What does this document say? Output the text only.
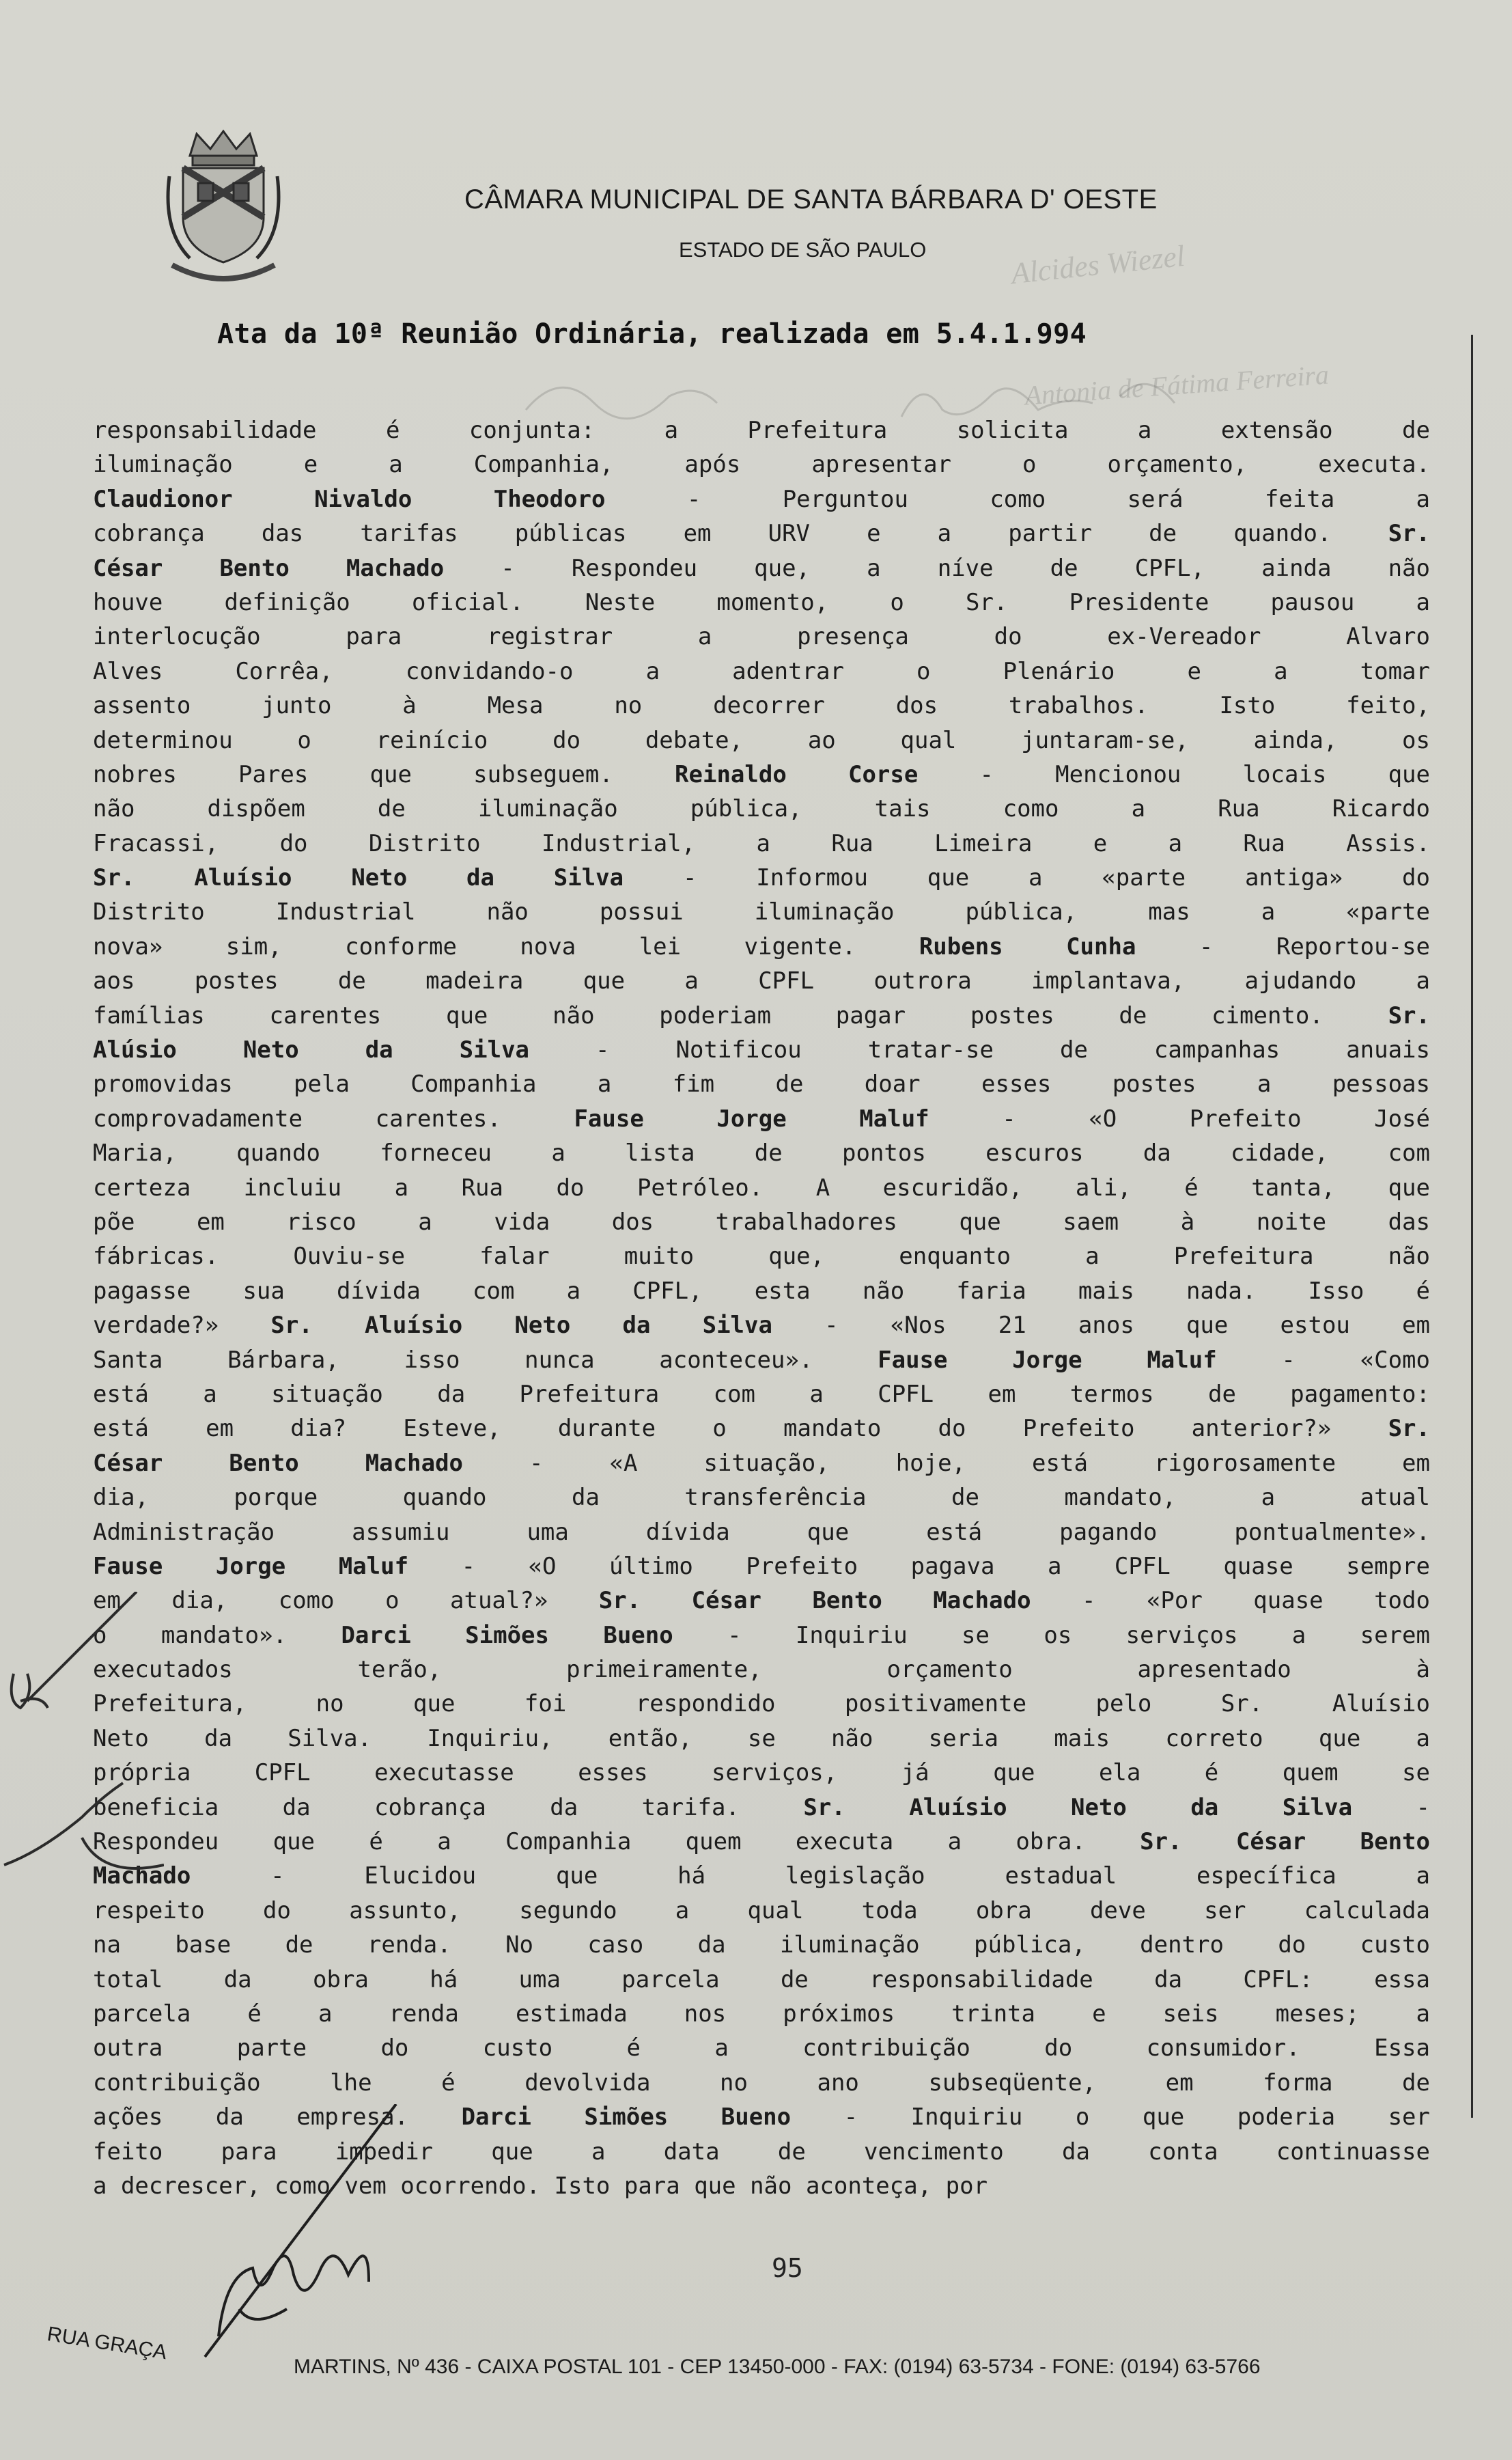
CÂMARA MUNICIPAL DE SANTA BÁRBARA D' OESTE
ESTADO DE SÃO PAULO	Alcides Wiezel
Antonia de Fátima Ferreira
Ata da 10ª Reunião Ordinária, realizada em 5.4.1.994
responsabilidade é conjunta: a Prefeitura solicita a extensão de
iluminação e a Companhia, após apresentar o orçamento, executa.
Claudionor Nivaldo Theodoro - Perguntou como será feita a
cobrança das tarifas públicas em URV e a partir de quando. Sr.
César Bento Machado - Respondeu que, a níve de CPFL, ainda não
houve definição oficial. Neste momento, o Sr. Presidente pausou a
interlocução para registrar a presença do ex-Vereador Alvaro
Alves Corrêa, convidando-o a adentrar o Plenário e a tomar
assento junto à Mesa no decorrer dos trabalhos. Isto feito,
determinou o reinício do debate, ao qual juntaram-se, ainda, os
nobres Pares que subseguem. Reinaldo Corse - Mencionou locais que
não dispõem de iluminação pública, tais como a Rua Ricardo
Fracassi, do Distrito Industrial, a Rua Limeira e a Rua Assis.
Sr. Aluísio Neto da Silva - Informou que a «parte antiga» do
Distrito Industrial não possui iluminação pública, mas a «parte
nova» sim, conforme nova lei vigente. Rubens Cunha - Reportou-se
aos postes de madeira que a CPFL outrora implantava, ajudando a
famílias carentes que não poderiam pagar postes de cimento. Sr.
Alúsio Neto da Silva - Notificou tratar-se de campanhas anuais
promovidas pela Companhia a fim de doar esses postes a pessoas
comprovadamente carentes. Fause Jorge Maluf - «O Prefeito José
Maria, quando forneceu a lista de pontos escuros da cidade, com
certeza incluiu a Rua do Petróleo. A escuridão, ali, é tanta, que
põe em risco a vida dos trabalhadores que saem à noite das
fábricas. Ouviu-se falar muito que, enquanto a Prefeitura não
pagasse sua dívida com a CPFL, esta não faria mais nada. Isso é
verdade?» Sr. Aluísio Neto da Silva - «Nos 21 anos que estou em
Santa Bárbara, isso nunca aconteceu». Fause Jorge Maluf - «Como
está a situação da Prefeitura com a CPFL em termos de pagamento:
está em dia? Esteve, durante o mandato do Prefeito anterior?» Sr.
César Bento Machado - «A situação, hoje, está rigorosamente em
dia, porque quando da transferência de mandato, a atual
Administração assumiu uma dívida que está pagando pontualmente».
Fause Jorge Maluf - «O último Prefeito pagava a CPFL quase sempre
em dia, como o atual?» Sr. César Bento Machado - «Por quase todo
o mandato». Darci Simões Bueno - Inquiriu se os serviços a serem
executados terão, primeiramente, orçamento apresentado à
Prefeitura, no que foi respondido positivamente pelo Sr. Aluísio
Neto da Silva. Inquiriu, então, se não seria mais correto que a
própria CPFL executasse esses serviços, já que ela é quem se
beneficia da cobrança da tarifa. Sr. Aluísio Neto da Silva -
Respondeu que é a Companhia quem executa a obra. Sr. César Bento
Machado - Elucidou que há legislação estadual específica a
respeito do assunto, segundo a qual toda obra deve ser calculada
na base de renda. No caso da iluminação pública, dentro do custo
total da obra há uma parcela de responsabilidade da CPFL: essa
parcela é a renda estimada nos próximos trinta e seis meses; a
outra parte do custo é a contribuição do consumidor. Essa
contribuição lhe é devolvida no ano subseqüente, em forma de
ações da empresa. Darci Simões Bueno - Inquiriu o que poderia ser
feito para impedir que a data de vencimento da conta continuasse
a decrescer, como vem ocorrendo. Isto para que não aconteça, por
95
RUA GRAÇA
MARTINS, Nº 436 - CAIXA POSTAL 101 - CEP 13450-000 - FAX: (0194) 63-5734 - FONE: (0194) 63-5766
